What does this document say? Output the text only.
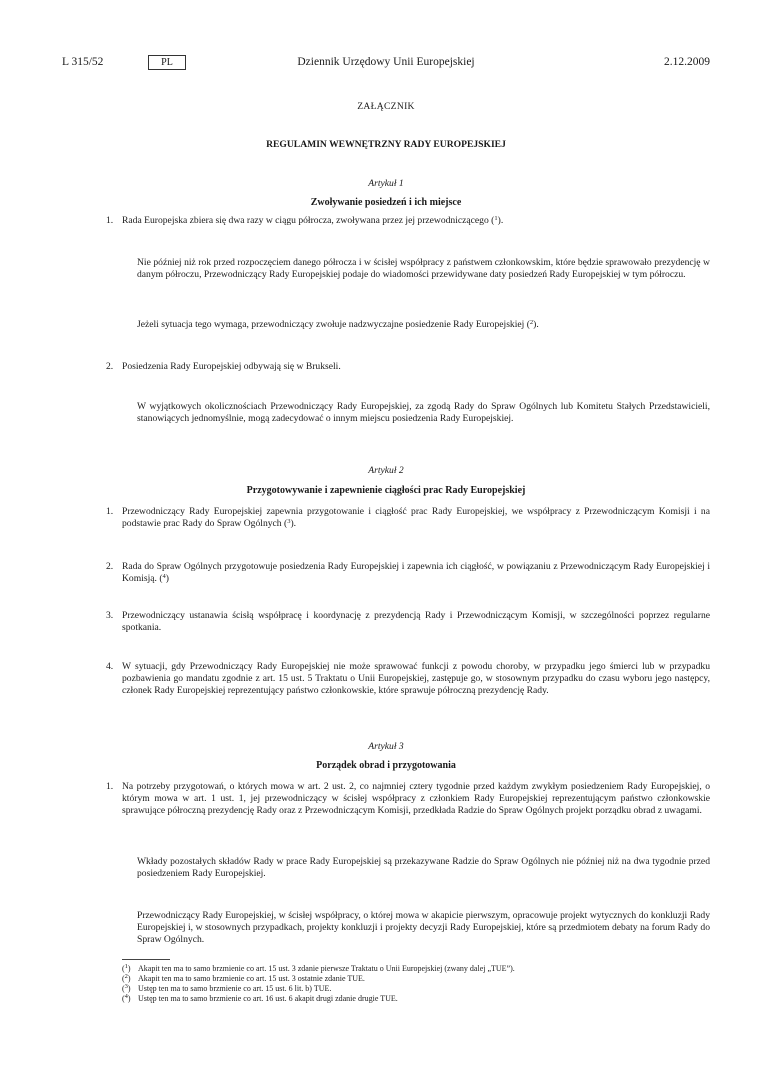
L 315/52	PL	Dziennik Urzędowy Unii Europejskiej	2.12.2009
ZAŁĄCZNIK
REGULAMIN WEWNĘTRZNY RADY EUROPEJSKIEJ
Artykuł 1
Zwoływanie posiedzeń i ich miejsce
1. Rada Europejska zbiera się dwa razy w ciągu półrocza, zwoływana przez jej przewodniczącego ($^1$).
Nie później niż rok przed rozpoczęciem danego półrocza i w ścisłej współpracy z państwem członkowskim, które będzie sprawowało prezydencję w danym półroczu, Przewodniczący Rady Europejskiej podaje do wiadomości przewidywane daty posiedzeń Rady Europejskiej w tym półroczu.
Jeżeli sytuacja tego wymaga, przewodniczący zwołuje nadzwyczajne posiedzenie Rady Europejskiej ($^2$).
2. Posiedzenia Rady Europejskiej odbywają się w Brukseli.
W wyjątkowych okolicznościach Przewodniczący Rady Europejskiej, za zgodą Rady do Spraw Ogólnych lub Komitetu Stałych Przedstawicieli, stanowiących jednomyślnie, mogą zadecydować o innym miejscu posiedzenia Rady Europejskiej.
Artykuł 2
Przygotowywanie i zapewnienie ciągłości prac Rady Europejskiej
1. Przewodniczący Rady Europejskiej zapewnia przygotowanie i ciągłość prac Rady Europejskiej, we współpracy z Przewodniczącym Komisji i na podstawie prac Rady do Spraw Ogólnych ($^3$).
2. Rada do Spraw Ogólnych przygotowuje posiedzenia Rady Europejskiej i zapewnia ich ciągłość, w powiązaniu z Przewodniczącym Rady Europejskiej i Komisją. ($^4$)
3. Przewodniczący ustanawia ścisłą współpracę i koordynację z prezydencją Rady i Przewodniczącym Komisji, w szczególności poprzez regularne spotkania.
4. W sytuacji, gdy Przewodniczący Rady Europejskiej nie może sprawować funkcji z powodu choroby, w przypadku jego śmierci lub w przypadku pozbawienia go mandatu zgodnie z art. 15 ust. 5 Traktatu o Unii Europejskiej, zastępuje go, w stosownym przypadku do czasu wyboru jego następcy, członek Rady Europejskiej reprezentujący państwo członkowskie, które sprawuje półroczną prezydencję Rady.
Artykuł 3
Porządek obrad i przygotowania
1. Na potrzeby przygotowań, o których mowa w art. 2 ust. 2, co najmniej cztery tygodnie przed każdym zwykłym posiedzeniem Rady Europejskiej, o którym mowa w art. 1 ust. 1, jej przewodniczący w ścisłej współpracy z członkiem Rady Europejskiej reprezentującym państwo członkowskie sprawujące półroczną prezydencję Rady oraz z Przewodniczącym Komisji, przedkłada Radzie do Spraw Ogólnych projekt porządku obrad z uwagami.
Wkłady pozostałych składów Rady w prace Rady Europejskiej są przekazywane Radzie do Spraw Ogólnych nie później niż na dwa tygodnie przed posiedzeniem Rady Europejskiej.
Przewodniczący Rady Europejskiej, w ścisłej współpracy, o której mowa w akapicie pierwszym, opracowuje projekt wytycznych do konkluzji Rady Europejskiej i, w stosownych przypadkach, projekty konkluzji i projekty decyzji Rady Europejskiej, które są przedmiotem debaty na forum Rady do Spraw Ogólnych.
($^1$) Akapit ten ma to samo brzmienie co art. 15 ust. 3 zdanie pierwsze Traktatu o Unii Europejskiej (zwany dalej „TUE”).
($^2$) Akapit ten ma to samo brzmienie co art. 15 ust. 3 ostatnie zdanie TUE.
($^3$) Ustęp ten ma to samo brzmienie co art. 15 ust. 6 lit. b) TUE.
($^4$) Ustęp ten ma to samo brzmienie co art. 16 ust. 6 akapit drugi zdanie drugie TUE.
